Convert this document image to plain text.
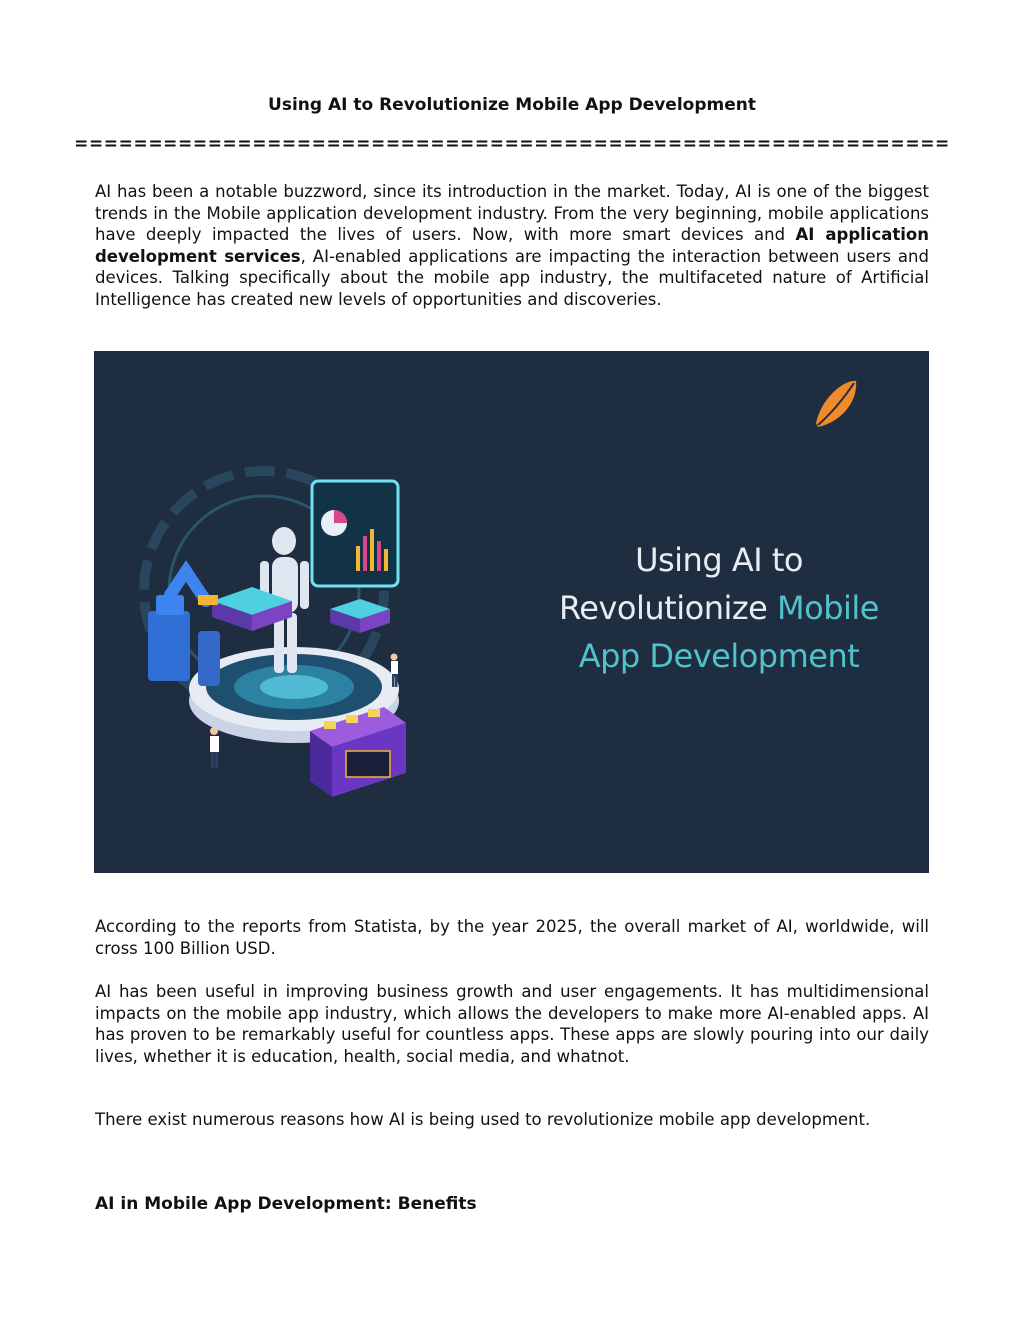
Using AI to Revolutionize Mobile App Development
===========================================================

AI has been a notable buzzword, since its introduction in the market. Today, AI is one of the biggest trends in the Mobile application development industry. From the very beginning, mobile applications have deeply impacted the lives of users. Now, with more smart devices and AI application development services, AI-enabled applications are impacting the interaction between users and devices. Talking specifically about the mobile app industry, the multifaceted nature of Artificial Intelligence has created new levels of opportunities and discoveries.

Using AI to
Revolutionize Mobile
App Development

According to the reports from Statista, by the year 2025, the overall market of AI, worldwide, will cross 100 Billion USD.

AI has been useful in improving business growth and user engagements. It has multidimensional impacts on the mobile app industry, which allows the developers to make more AI-enabled apps. AI has proven to be remarkably useful for countless apps. These apps are slowly pouring into our daily lives, whether it is education, health, social media, and whatnot.

There exist numerous reasons how AI is being used to revolutionize mobile app development.

AI in Mobile App Development: Benefits
